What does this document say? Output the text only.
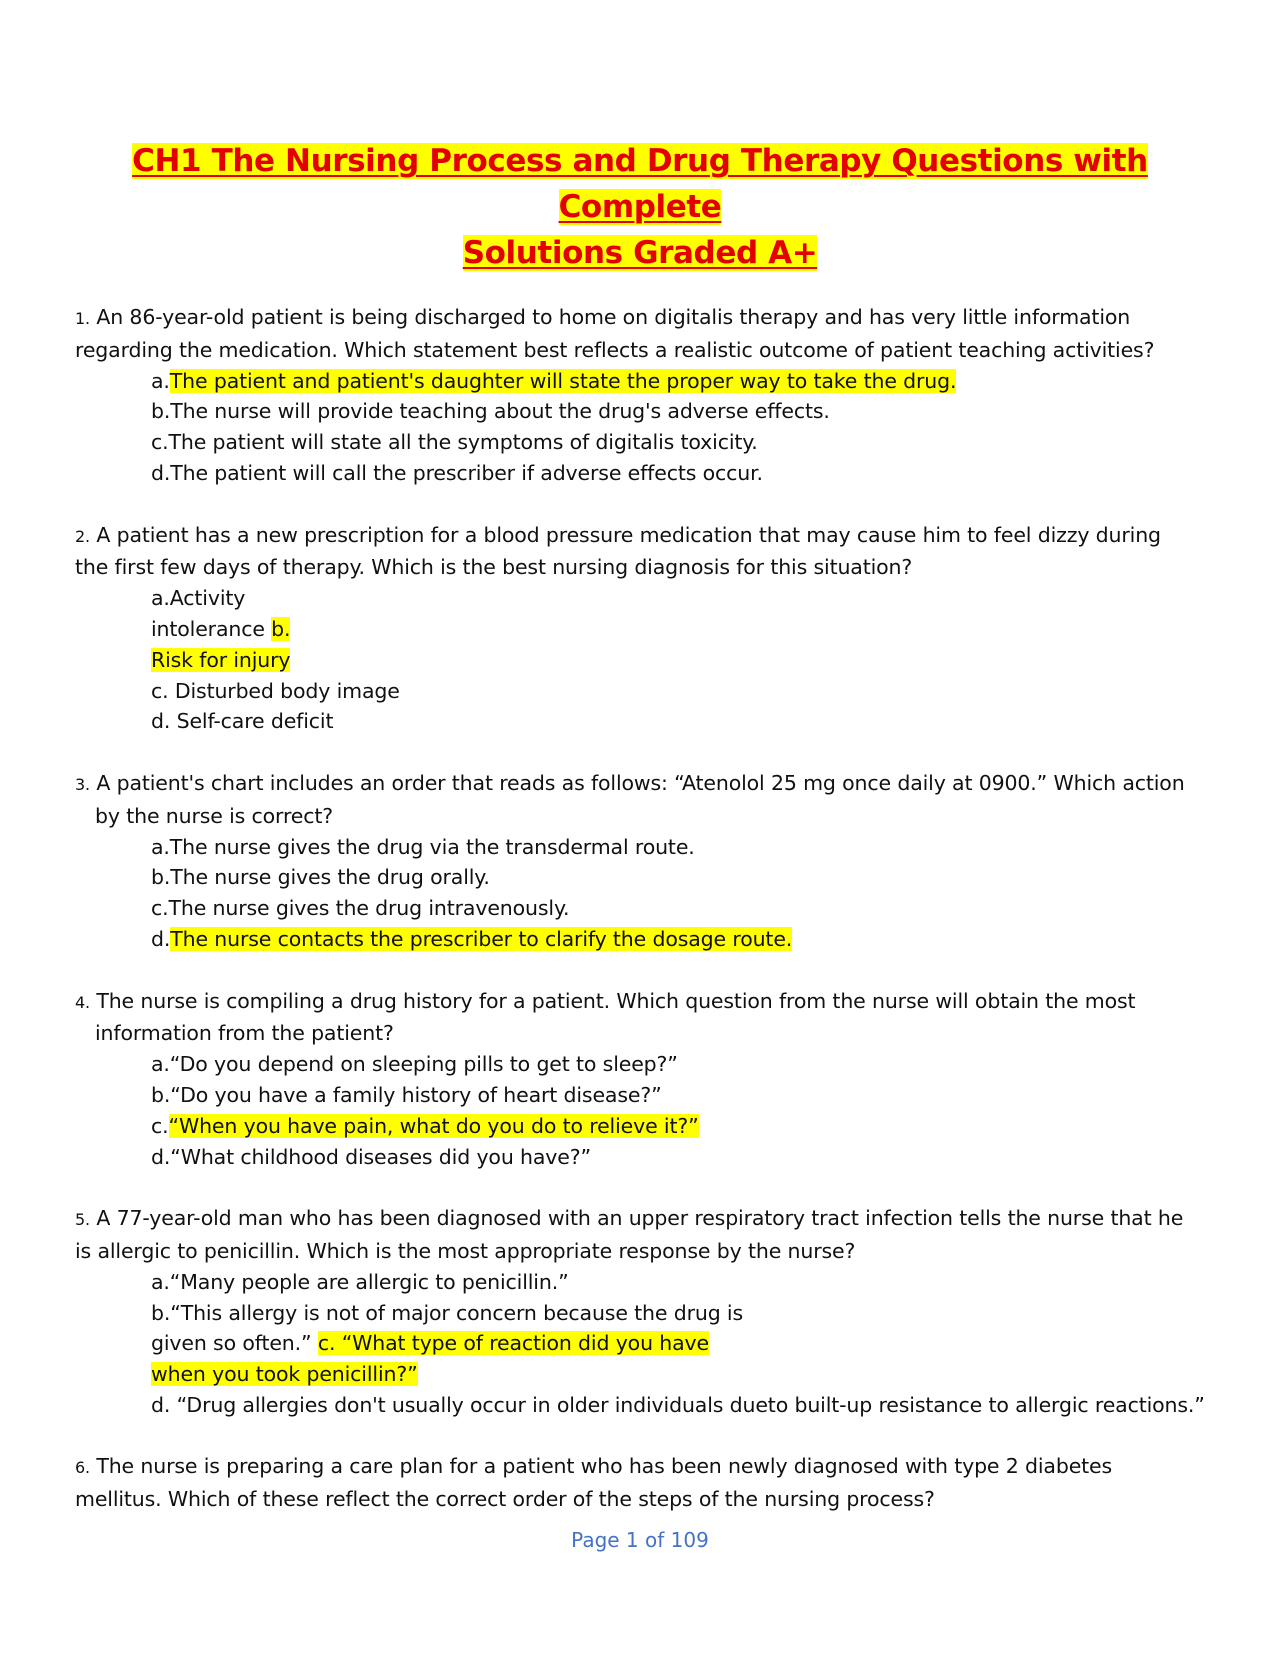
CH1 The Nursing Process and Drug Therapy Questions with Complete
Solutions Graded A+

1. An 86-year-old patient is being discharged to home on digitalis therapy and has very little information

regarding the medication. Which statement best reflects a realistic outcome of patient teaching activities?

a.The patient and patient's daughter will state the proper way to take the drug.

b.The nurse will provide teaching about the drug's adverse effects.

c.The patient will state all the symptoms of digitalis toxicity.

d.The patient will call the prescriber if adverse effects occur.

2. A patient has a new prescription for a blood pressure medication that may cause him to feel dizzy during

the first few days of therapy. Which is the best nursing diagnosis for this situation?

a.Activity

intolerance b.

Risk for injury

c. Disturbed body image

d. Self-care deficit

3. A patient's chart includes an order that reads as follows: “Atenolol 25 mg once daily at 0900.” Which action

by the nurse is correct?

a.The nurse gives the drug via the transdermal route.

b.The nurse gives the drug orally.

c.The nurse gives the drug intravenously.

d.The nurse contacts the prescriber to clarify the dosage route.

4. The nurse is compiling a drug history for a patient. Which question from the nurse will obtain the most

information from the patient?

a.“Do you depend on sleeping pills to get to sleep?”

b.“Do you have a family history of heart disease?”

c.“When you have pain, what do you do to relieve it?”

d.“What childhood diseases did you have?”

5. A 77-year-old man who has been diagnosed with an upper respiratory tract infection tells the nurse that he

is allergic to penicillin. Which is the most appropriate response by the nurse?

a.“Many people are allergic to penicillin.”

b.“This allergy is not of major concern because the drug is

given so often.” c. “What type of reaction did you have

when you took penicillin?”

d. “Drug allergies don't usually occur in older individuals dueto built-up resistance to allergic reactions.”

6. The nurse is preparing a care plan for a patient who has been newly diagnosed with type 2 diabetes

mellitus. Which of these reflect the correct order of the steps of the nursing process?

Page 1 of 109
